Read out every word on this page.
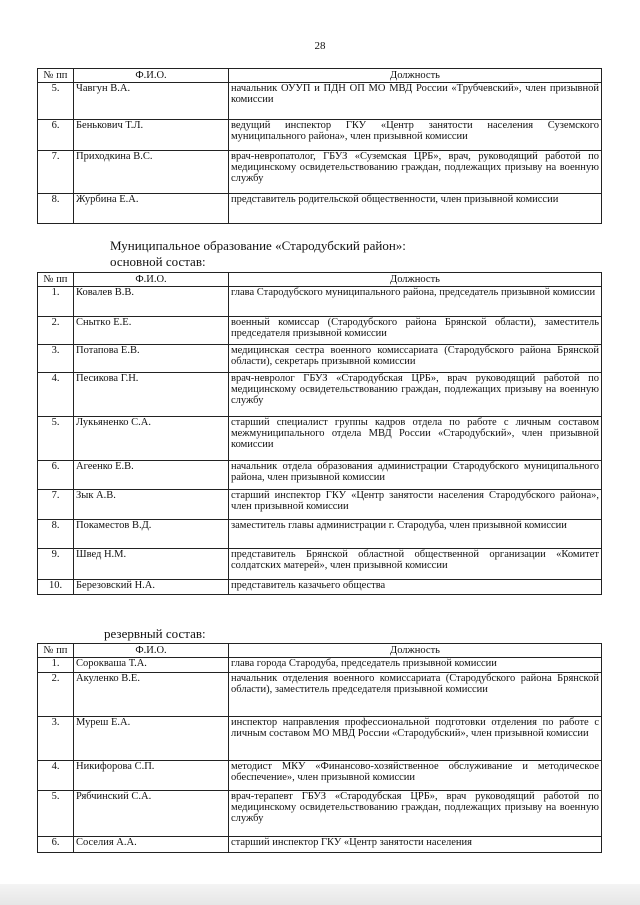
28
№ пп	Ф.И.О.	Должность
5.	Чавгун В.А.	начальник ОУУП и ПДН ОП МО МВД России «Трубчевский», член призывной комиссии
6.	Бенькович Т.Л.	ведущий инспектор ГКУ «Центр занятости населения Суземского муниципального района», член призывной комиссии
7.	Приходкина В.С.	врач-невропатолог, ГБУЗ «Суземская ЦРБ», врач, руководящий работой по медицинскому освидетельствованию граждан, подлежащих призыву на военную службу
8.	Журбина Е.А.	представитель родительской общественности, член призывной комиссии
Муниципальное образование «Стародубский район»:
основной состав:
№ пп	Ф.И.О.	Должность
1.	Ковалев В.В.	глава Стародубского муниципального района, председатель призывной комиссии
2.	Сныткo Е.Е.	военный комиссар (Стародубского района Брянской области), заместитель председателя призывной комиссии
3.	Потапова Е.В.	медицинская сестра военного комиссариата (Стародубского района Брянской области), секретарь призывной комиссии
4.	Песикова Г.Н.	врач-невролог ГБУЗ «Стародубская ЦРБ», врач руководящий работой по медицинскому освидетельствованию граждан, подлежащих призыву на военную службу
5.	Лукьяненко С.А.	старший специалист группы кадров отдела по работе с личным составом межмуниципального отдела МВД России «Стародубский», член призывной комиссии
6.	Агеенко Е.В.	начальник отдела образования администрации Стародубского муниципального района, член призывной комиссии
7.	Зык А.В.	старший инспектор ГКУ «Центр занятости населения Стародубского района», член призывной комиссии
8.	Покаместов В.Д.	заместитель главы администрации г. Стародуба, член призывной комиссии
9.	Швед Н.М.	представитель Брянской областной общественной организации «Комитет солдатских матерей», член призывной комиссии
10.	Березовский Н.А.	представитель казачьего общества
резервный состав:
№ пп	Ф.И.О.	Должность
1.	Сорокваша Т.А.	глава города Стародуба, председатель призывной комиссии
2.	Акуленко В.Е.	начальник отделения военного комиссариата (Стародубского района Брянской области), заместитель председателя призывной комиссии
3.	Муреш Е.А.	инспектор направления профессиональной подготовки отделения по работе с личным составом МО МВД России «Стародубский», член призывной комиссии
4.	Никифорова С.П.	методист МКУ «Финансово-хозяйственное обслуживание и методическое обеспечение», член призывной комиссии
5.	Рябчинский С.А.	врач-терапевт ГБУЗ «Стародубская ЦРБ», врач руководящий работой по медицинскому освидетельствованию граждан, подлежащих призыву на военную службу
6.	Соселия А.А.	старший инспектор ГКУ «Центр занятости населения
